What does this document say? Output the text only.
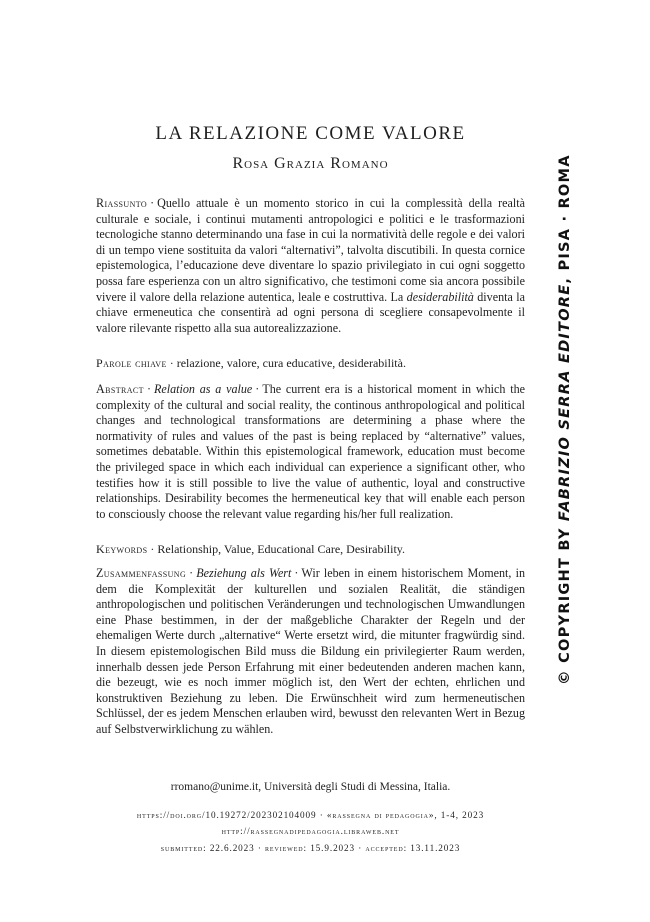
LA RELAZIONE COME VALORE
Rosa Grazia Romano
Riassunto · Quello attuale è un momento storico in cui la complessità della realtà culturale e sociale, i continui mutamenti antropologici e politici e le trasformazioni tecnologiche stanno determinando una fase in cui la normatività delle regole e dei valori di un tempo viene sostituita da valori “alternativi”, talvolta discutibili. In questa cornice epistemologica, l’educazione deve diventare lo spazio privilegiato in cui ogni soggetto possa fare esperienza con un altro significativo, che testimoni come sia ancora possibile vivere il valore della relazione autentica, leale e costruttiva. La desiderabilità diventa la chiave ermeneutica che consentirà ad ogni persona di scegliere consapevolmente il valore rilevante rispetto alla sua autorealizzazione.
Parole chiave · relazione, valore, cura educative, desiderabilità.
Abstract · Relation as a value · The current era is a historical moment in which the complexity of the cultural and social reality, the continous anthropological and political changes and technological transformations are determining a phase where the normativity of rules and values of the past is being replaced by “alternative” values, sometimes debatable. Within this epistemological framework, education must become the privileged space in which each individual can experience a significant other, who testifies how it is still possible to live the value of authentic, loyal and constructive relationships. Desirability becomes the hermeneutical key that will enable each person to consciously choose the relevant value regarding his/her full realization.
Keywords · Relationship, Value, Educational Care, Desirability.
Zusammenfassung · Beziehung als Wert · Wir leben in einem historischem Moment, in dem die Komplexität der kulturellen und sozialen Realität, die ständigen anthropologischen und politischen Veränderungen und technologischen Umwandlungen eine Phase bestimmen, in der der maßgebliche Charakter der Regeln und der ehemaligen Werte durch „alternative“ Werte ersetzt wird, die mitunter fragwürdig sind. In diesem epistemologischen Bild muss die Bildung ein privilegierter Raum werden, innerhalb dessen jede Person Erfahrung mit einer bedeutenden anderen machen kann, die bezeugt, wie es noch immer möglich ist, den Wert der echten, ehrlichen und konstruktiven Beziehung zu leben. Die Erwünschheit wird zum hermeneutischen Schlüssel, der es jedem Menschen erlauben wird, bewusst den relevanten Wert in Bezug auf Selbstverwirklichung zu wählen.
rromano@unime.it, Università degli Studi di Messina, Italia.
https://doi.org/10.19272/202302104009 · «rassegna di pedagogia», 1-4, 2023
http://rassegnadipedagogia.libraweb.net
submitted: 22.6.2023 · reviewed: 15.9.2023 · accepted: 13.11.2023
© COPYRIGHT BY FABRIZIO SERRA EDITORE, PISA · ROMA
